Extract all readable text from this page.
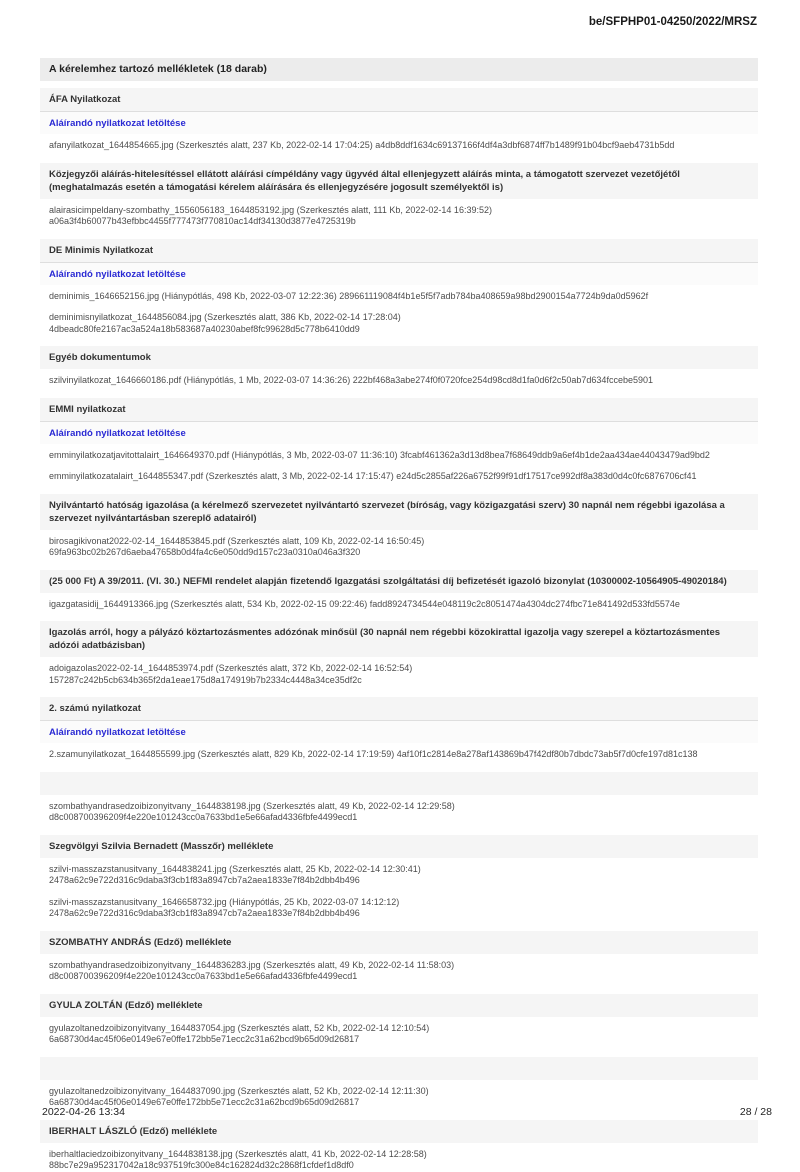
be/SFPHP01-04250/2022/MRSZ
A kérelemhez tartozó mellékletek (18 darab)
ÁFA Nyilatkozat
Aláírandó nyilatkozat letöltése
afanyilatkozat_1644854665.jpg (Szerkesztés alatt, 237 Kb, 2022-02-14 17:04:25) a4db8ddf1634c69137166f4df4a3dbf6874ff7b1489f91b04bcf9aeb4731b5dd
Közjegyzői aláírás-hitelesítéssel ellátott aláírási címpéldány vagy ügyvéd által ellenjegyzett aláírás minta, a támogatott szervezet vezetőjétől (meghatalmazás esetén a támogatási kérelem aláírására és ellenjegyzésére jogosult személyektől is)
alairasicimpeldany-szombathy_1556056183_1644853192.jpg (Szerkesztés alatt, 111 Kb, 2022-02-14 16:39:52)
a06a3f4b60077b43efbbc4455f777473f770810ac14df34130d3877e4725319b
DE Minimis Nyilatkozat
Aláírandó nyilatkozat letöltése
deminimis_1646652156.jpg (Hiánypótlás, 498 Kb, 2022-03-07 12:22:36) 289661119084f4b1e5f5f7adb784ba408659a98bd2900154a7724b9da0d5962f
deminimisnyilatkozat_1644856084.jpg (Szerkesztés alatt, 386 Kb, 2022-02-14 17:28:04)
4dbeadc80fe2167ac3a524a18b583687a40230abef8fc99628d5c778b6410dd9
Egyéb dokumentumok
szilvinyilatkozat_1646660186.pdf (Hiánypótlás, 1 Mb, 2022-03-07 14:36:26) 222bf468a3abe274f0f0720fce254d98cd8d1fa0d6f2c50ab7d634fccebe5901
EMMI nyilatkozat
Aláírandó nyilatkozat letöltése
emminyilatkozatjavitottalairt_1646649370.pdf (Hiánypótlás, 3 Mb, 2022-03-07 11:36:10) 3fcabf461362a3d13d8bea7f68649ddb9a6ef4b1de2aa434ae44043479ad9bd2
emminyilatkozatalairt_1644855347.pdf (Szerkesztés alatt, 3 Mb, 2022-02-14 17:15:47) e24d5c2855af226a6752f99f91df17517ce992df8a383d0d4c0fc6876706cf41
Nyilvántartó hatóság igazolása (a kérelmező szervezetet nyilvántartó szervezet (bíróság, vagy közigazgatási szerv) 30 napnál nem régebbi igazolása a szervezet nyilvántartásban szereplő adatairól)
birosagikivonat2022-02-14_1644853845.pdf (Szerkesztés alatt, 109 Kb, 2022-02-14 16:50:45)
69fa963bc02b267d6aeba47658b0d4fa4c6e050dd9d157c23a0310a046a3f320
(25 000 Ft) A 39/2011. (VI. 30.) NEFMI rendelet alapján fizetendő Igazgatási szolgáltatási díj befizetését igazoló bizonylat (10300002-10564905-49020184)
igazgatasidij_1644913366.jpg (Szerkesztés alatt, 534 Kb, 2022-02-15 09:22:46) fadd8924734544e048119c2c8051474a4304dc274fbc71e841492d533fd5574e
Igazolás arról, hogy a pályázó köztartozásmentes adózónak minősül (30 napnál nem régebbi közokirattal igazolja vagy szerepel a köztartozásmentes adózói adatbázisban)
adoigazolas2022-02-14_1644853974.pdf (Szerkesztés alatt, 372 Kb, 2022-02-14 16:52:54)
157287c242b5cb634b365f2da1eae175d8a174919b7b2334c4448a34ce35df2c
2. számú nyilatkozat
Aláírandó nyilatkozat letöltése
2.szamunyilatkozat_1644855599.jpg (Szerkesztés alatt, 829 Kb, 2022-02-14 17:19:59) 4af10f1c2814e8a278af143869b47f42df80b7dbdc73ab5f7d0cfe197d81c138
szombathyandrasedzoibizonyitvany_1644838198.jpg (Szerkesztés alatt, 49 Kb, 2022-02-14 12:29:58)
d8c008700396209f4e220e101243cc0a7633bd1e5e66afad4336fbfe4499ecd1
Szegvölgyi Szilvia Bernadett (Masszőr) melléklete
szilvi-masszazstanusitvany_1644838241.jpg (Szerkesztés alatt, 25 Kb, 2022-02-14 12:30:41)
2478a62c9e722d316c9daba3f3cb1f83a8947cb7a2aea1833e7f84b2dbb4b496
szilvi-masszazstanusitvany_1646658732.jpg (Hiánypótlás, 25 Kb, 2022-03-07 14:12:12)
2478a62c9e722d316c9daba3f3cb1f83a8947cb7a2aea1833e7f84b2dbb4b496
SZOMBATHY ANDRÁS (Edző) melléklete
szombathyandrasedzoibizonyitvany_1644836283.jpg (Szerkesztés alatt, 49 Kb, 2022-02-14 11:58:03)
d8c008700396209f4e220e101243cc0a7633bd1e5e66afad4336fbfe4499ecd1
GYULA ZOLTÁN (Edző) melléklete
gyulazoltanedzoibizonyitvany_1644837054.jpg (Szerkesztés alatt, 52 Kb, 2022-02-14 12:10:54)
6a68730d4ac45f06e0149e67e0ffe172bb5e71ecc2c31a62bcd9b65d09d26817
gyulazoltanedzoibizonyitvany_1644837090.jpg (Szerkesztés alatt, 52 Kb, 2022-02-14 12:11:30)
6a68730d4ac45f06e0149e67e0ffe172bb5e71ecc2c31a62bcd9b65d09d26817
IBERHALT LÁSZLÓ (Edző) melléklete
iberhaltlaciedzoibizonyitvany_1644838138.jpg (Szerkesztés alatt, 41 Kb, 2022-02-14 12:28:58)
88bc7e29a952317042a18c937519fc300e84c162824d32c2868f1cfdef1d8df0
2022-04-26 13:34	28 / 28
